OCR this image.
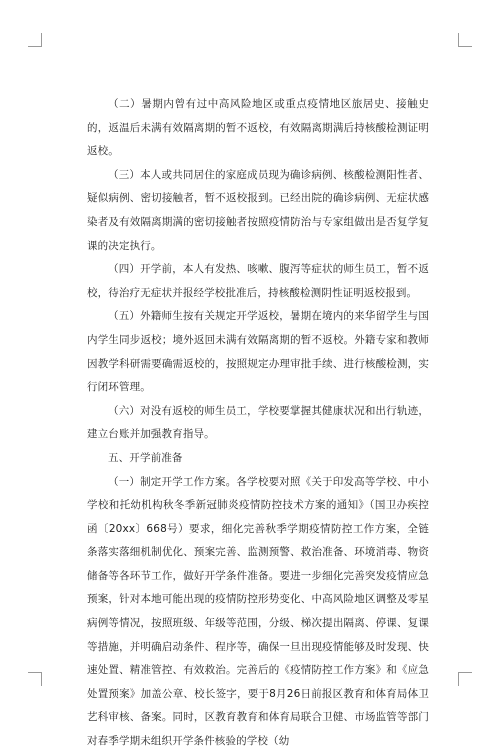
（二）暑期内曾有过中高风险地区或重点疫情地区旅居史、接触史的，返温后未满有效隔离期的暂不返校，有效隔离期满后持核酸检测证明返校。

（三）本人或共同居住的家庭成员现为确诊病例、核酸检测阳性者、疑似病例、密切接触者，暂不返校报到。已经出院的确诊病例、无症状感染者及有效隔离期满的密切接触者按照疫情防治与专家组做出是否复学复课的决定执行。

（四）开学前，本人有发热、咳嗽、腹泻等症状的师生员工，暂不返校，待治疗无症状并报经学校批准后，持核酸检测阴性证明返校报到。

（五）外籍师生按有关规定开学返校，暑期在境内的来华留学生与国内学生同步返校；境外返回未满有效隔离期的暂不返校。外籍专家和教师因教学科研需要确需返校的，按照规定办理审批手续、进行核酸检测，实行闭环管理。

（六）对没有返校的师生员工，学校要掌握其健康状况和出行轨迹，建立台账并加强教育指导。

五、开学前准备

（一）制定开学工作方案。各学校要对照《关于印发高等学校、中小学校和托幼机构秋冬季新冠肺炎疫情防控技术方案的通知》（国卫办疾控函〔20xx〕668号）要求，细化完善秋季学期疫情防控工作方案，全链条落实落细机制优化、预案完善、监测预警、救治准备、环境消毒、物资储备等各环节工作，做好开学条件准备。要进一步细化完善突发疫情应急预案，针对本地可能出现的疫情防控形势变化、中高风险地区调整及零星病例等情况，按照班级、年级等范围，分级、梯次提出隔离、停课、复课等措施，并明确启动条件、程序等，确保一旦出现疫情能够及时发现、快速处置、精准管控、有效救治。完善后的《疫情防控工作方案》和《应急处置预案》加盖公章、校长签字，要于8月26日前报区教育和体育局体卫艺科审核、备案。同时，区教育教育和体育局联合卫健、市场监管等部门对春季学期未组织开学条件核验的学校（幼
